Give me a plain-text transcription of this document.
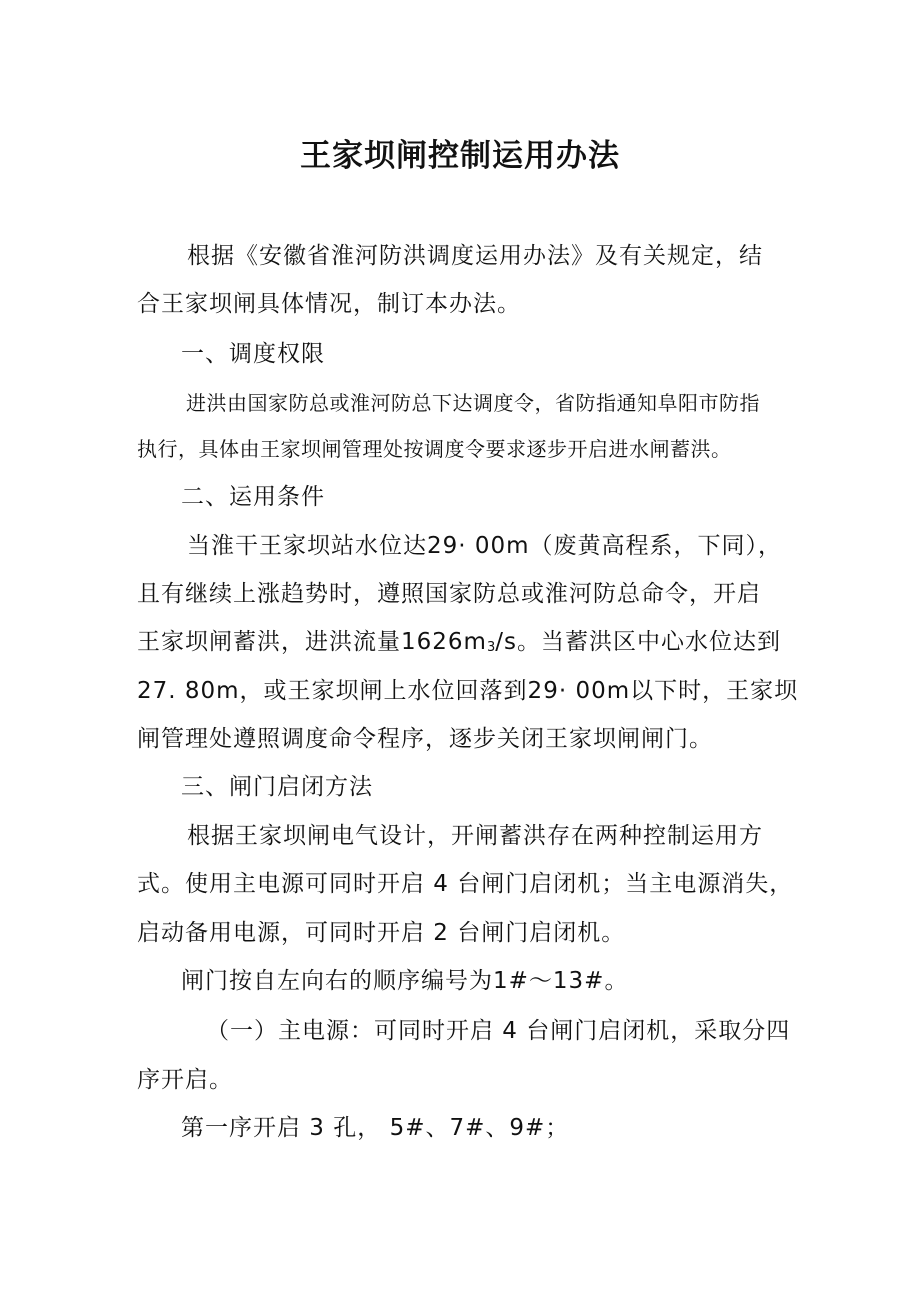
王家坝闸控制运用办法
根据《安徽省淮河防洪调度运用办法》及有关规定，结
合王家坝闸具体情况，制订本办法。
一、调度权限
进洪由国家防总或淮河防总下达调度令，省防指通知阜阳市防指
执行，具体由王家坝闸管理处按调度令要求逐步开启进水闸蓄洪。
二、运用条件
当淮干王家坝站水位达29· 00m（废黄高程系，下同），
且有继续上涨趋势时，遵照国家防总或淮河防总命令，开启
王家坝闸蓄洪，进洪流量1626m3/s。当蓄洪区中心水位达到
27. 80m，或王家坝闸上水位回落到29· 00m以下时，王家坝
闸管理处遵照调度命令程序，逐步关闭王家坝闸闸门。
三、闸门启闭方法
根据王家坝闸电气设计，开闸蓄洪存在两种控制运用方
式。使用主电源可同时开启 4 台闸门启闭机；当主电源消失，
启动备用电源，可同时开启 2 台闸门启闭机。
闸门按自左向右的顺序编号为1#〜13#。
（一）主电源：可同时开启 4 台闸门启闭机，采取分四
序开启。
第一序开启 3 孔， 5#、7#、9#；
